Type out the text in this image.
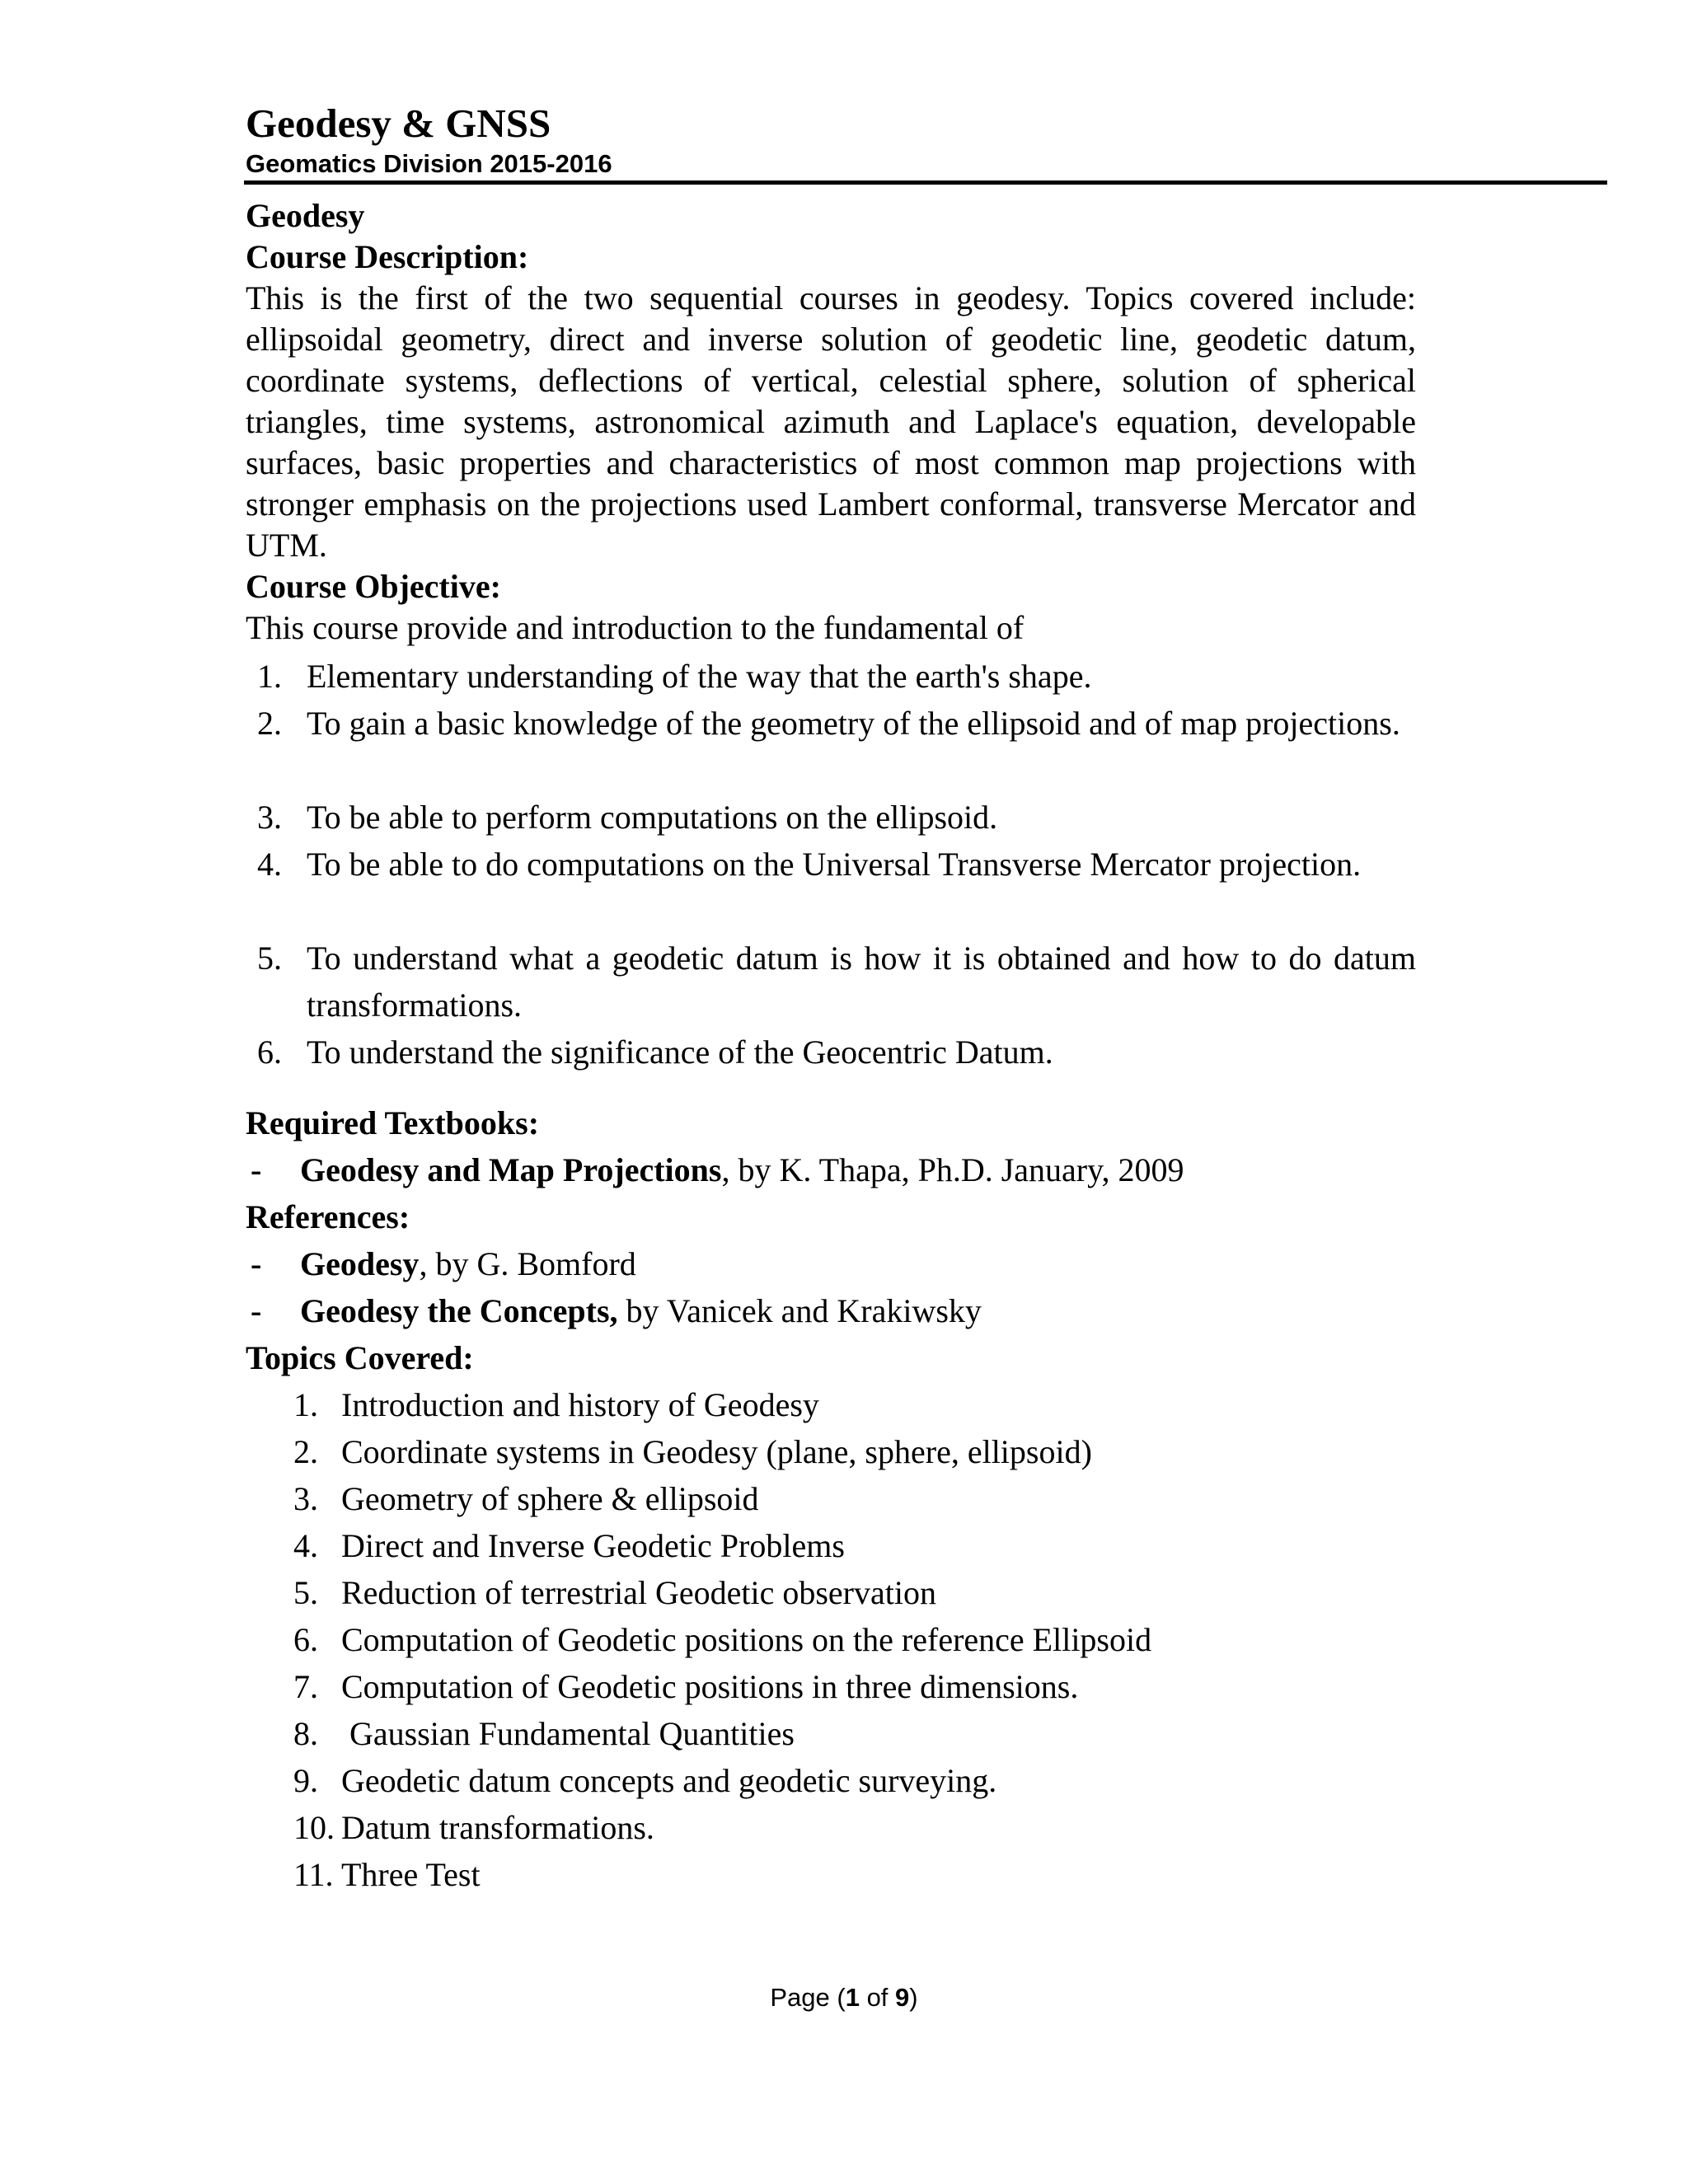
Geodesy & GNSS
Geomatics Division 2015-2016
Geodesy
Course Description:
This is the first of the two sequential courses in geodesy. Topics covered include: ellipsoidal geometry, direct and inverse solution of geodetic line, geodetic datum, coordinate systems, deflections of vertical, celestial sphere, solution of spherical triangles, time systems, astronomical azimuth and Laplace's equation, developable surfaces, basic properties and characteristics of most common map projections with stronger emphasis on the projections used Lambert conformal, transverse Mercator and UTM.
Course Objective:
This course provide and introduction to the fundamental of
1. Elementary understanding of the way that the earth's shape.
2. To gain a basic knowledge of the geometry of the ellipsoid and of map projections.
3. To be able to perform computations on the ellipsoid.
4. To be able to do computations on the Universal Transverse Mercator projection.
5. To understand what a geodetic datum is how it is obtained and how to do datum transformations.
6. To understand the significance of the Geocentric Datum.
Required Textbooks:
- Geodesy and Map Projections, by K. Thapa, Ph.D. January, 2009
References:
- Geodesy, by G. Bomford
- Geodesy the Concepts, by Vanicek and Krakiwsky
Topics Covered:
1. Introduction and history of Geodesy
2. Coordinate systems in Geodesy (plane, sphere, ellipsoid)
3. Geometry of sphere & ellipsoid
4. Direct and Inverse Geodetic Problems
5. Reduction of terrestrial Geodetic observation
6. Computation of Geodetic positions on the reference Ellipsoid
7. Computation of Geodetic positions in three dimensions.
8. Gaussian Fundamental Quantities
9. Geodetic datum concepts and geodetic surveying.
10. Datum transformations.
11. Three Test
Page (1 of 9)
